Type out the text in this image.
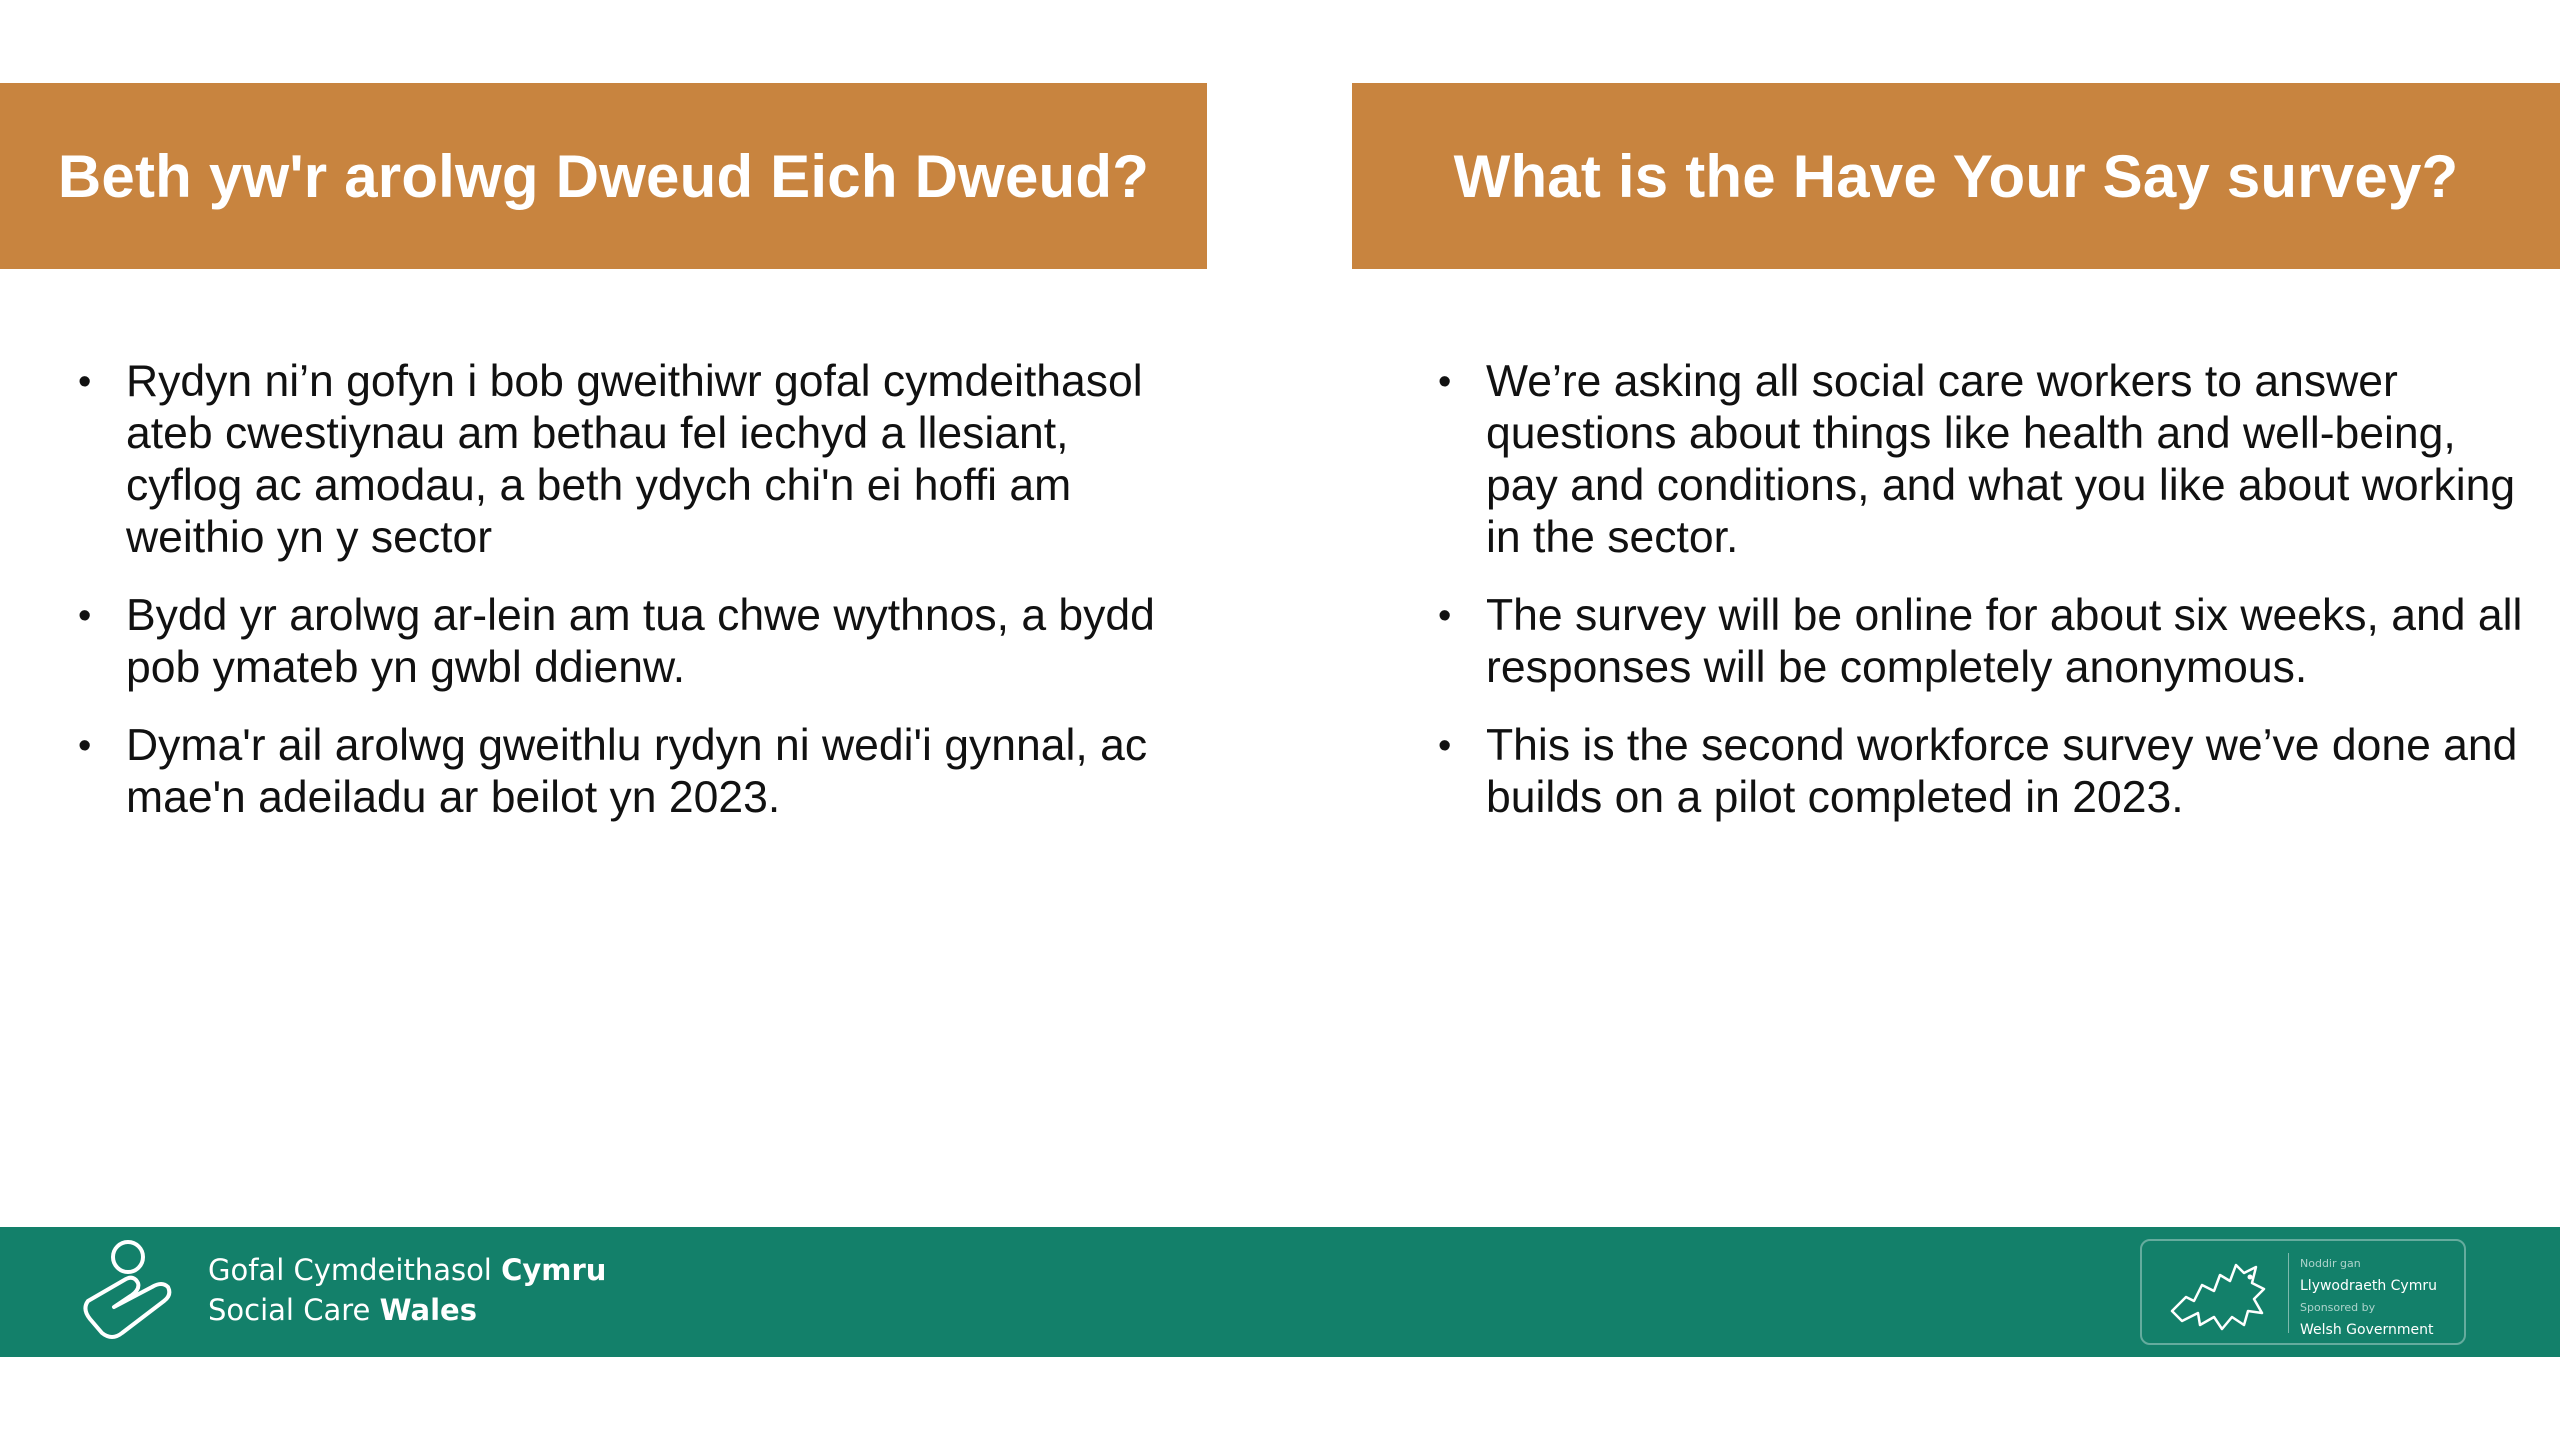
Beth yw'r arolwg Dweud Eich Dweud?	What is the Have Your Say survey?
• Rydyn ni’n gofyn i bob gweithiwr gofal cymdeithasol ateb cwestiynau am bethau fel iechyd a llesiant, cyflog ac amodau, a beth ydych chi'n ei hoffi am weithio yn y sector
• Bydd yr arolwg ar-lein am tua chwe wythnos, a bydd pob ymateb yn gwbl ddienw.
• Dyma'r ail arolwg gweithlu rydyn ni wedi'i gynnal, ac mae'n adeiladu ar beilot yn 2023.
• We’re asking all social care workers to answer questions about things like health and well-being, pay and conditions, and what you like about working in the sector.
• The survey will be online for about six weeks, and all responses will be completely anonymous.
• This is the second workforce survey we’ve done and builds on a pilot completed in 2023.
Gofal Cymdeithasol Cymru
Social Care Wales
Noddir gan
Llywodraeth Cymru
Sponsored by
Welsh Government
